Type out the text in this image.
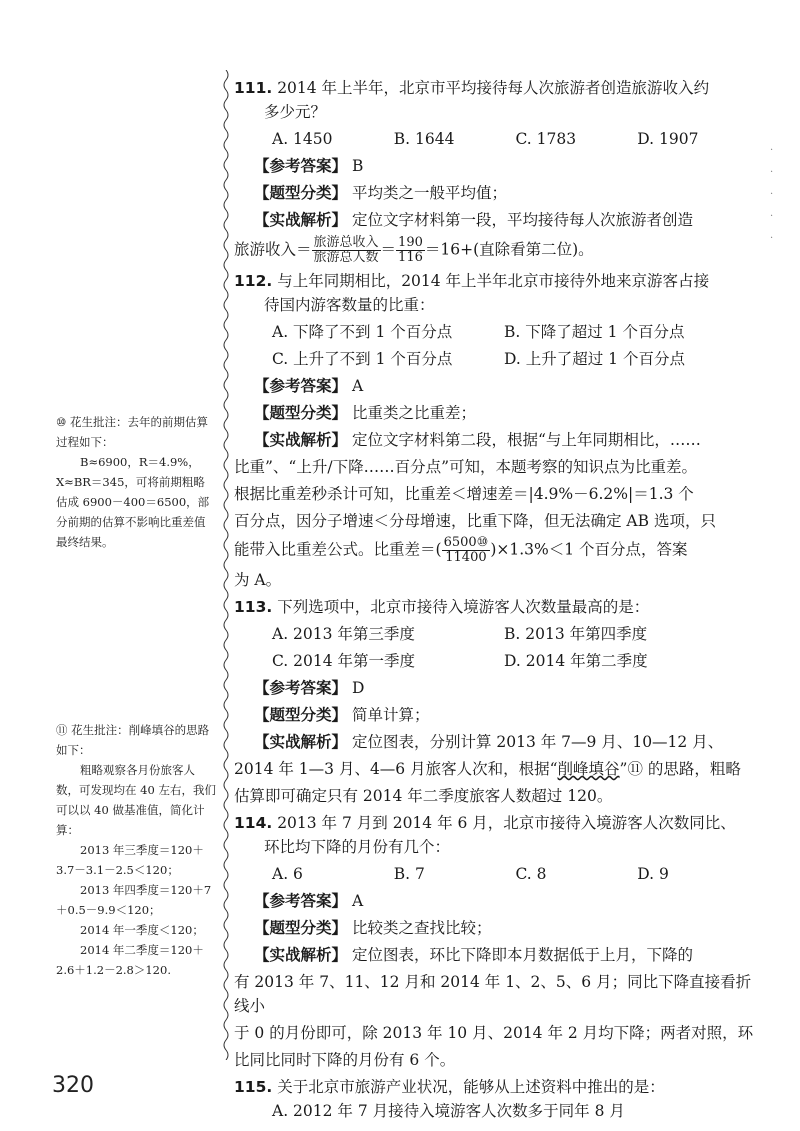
·
·
·
·
·

111. 2014 年上半年，北京市平均接待每人次旅游者创造旅游收入约

多少元？

A. 1450	B. 1644	C. 1783	D. 1907

【参考答案】 B

【题型分类】 平均类之一般平均值；

【实战解析】 定位文字材料第一段，平均接待每人次旅游者创造

旅游收入＝ $\frac{\text{旅游总收入}}{\text{旅游总人数}} = \frac{190}{116} =16+$(直除看第二位)。

112. 与上年同期相比，2014 年上半年北京市接待外地来京游客占接

待国内游客数量的比重：

A. 下降了不到 1 个百分点	B. 下降了超过 1 个百分点
C. 上升了不到 1 个百分点	D. 上升了超过 1 个百分点

【参考答案】 A

【题型分类】 比重类之比重差；

【实战解析】 定位文字材料第二段，根据“与上年同期相比，……

比重”、“上升/下降……百分点”可知，本题考察的知识点为比重差。

根据比重差秒杀计可知，比重差＜增速差＝|4.9%－6.2%|＝1.3 个

百分点，因分子增速＜分母增速，比重下降，但无法确定 AB 选项，只

能带入比重差公式。比重差＝( $\frac{\text{6500⑩}}{11400} )\times 1.3\%<1$ 个百分点，答案

为 A。

113. 下列选项中，北京市接待入境游客人次数量最高的是：

A. 2013 年第三季度	B. 2013 年第四季度
C. 2014 年第一季度	D. 2014 年第二季度

【参考答案】 D

【题型分类】 简单计算；

【实战解析】 定位图表，分别计算 2013 年 7—9 月、10—12 月、

2014 年 1—3 月、4—6 月旅客人次和，根据“削峰填谷”⑪ 的思路，粗略

估算即可确定只有 2014 年二季度旅客人数超过 120。

114. 2013 年 7 月到 2014 年 6 月，北京市接待入境游客人次数同比、

环比均下降的月份有几个：

A. 6	B. 7	C. 8	D. 9

【参考答案】 A

【题型分类】 比较类之查找比较；

【实战解析】 定位图表，环比下降即本月数据低于上月，下降的

有 2013 年 7、11、12 月和 2014 年 1、2、5、6 月；同比下降直接看折线小

于 0 的月份即可，除 2013 年 10 月、2014 年 2 月均下降；两者对照，环

比同比同时下降的月份有 6 个。

115. 关于北京市旅游产业状况，能够从上述资料中推出的是：

A. 2012 年 7 月接待入境游客人次数多于同年 8 月

⑩ 花生批注：去年的前期估算过程如下：

B≈6900，R＝4.9%，X≈BR＝345，可将前期粗略估成 6900－400＝6500，部分前期的估算不影响比重差值最终结果。

⑪ 花生批注：削峰填谷的思路如下：

粗略观察各月份旅客人数，可发现均在 40 左右，我们可以以 40 做基准值，简化计算：

2013 年三季度＝120＋3.7－3.1－2.5＜120；

2013 年四季度＝120＋7＋0.5－9.9＜120；

2014 年一季度＜120；

2014 年二季度＝120＋2.6＋1.2－2.8＞120.

320
